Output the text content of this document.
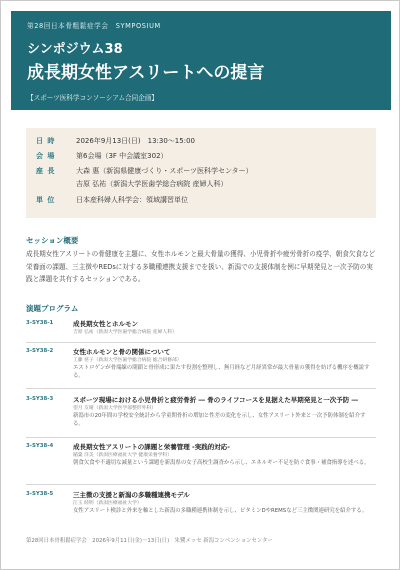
第28回日本骨粗鬆症学会　SYMPOSIUM
シンポジウム38
成長期女性アスリートへの提言
【スポーツ医科学コンソーシアム合同企画】
日 時	2026年9月13日(日)　13:30～15:00
会 場	第6会場（3F 中会議室302）
座 長	大森 惠（新潟県健康づくり・スポーツ医科学センター）
吉原 弘祐（新潟大学医歯学総合病院 産婦人科）
単 位	日本産科婦人科学会：領域講習単位
セッション概要
成長期女性アスリートの骨健康を主題に、女性ホルモンと最大骨量の獲得、小児骨折や疲労骨折の疫学、朝食欠食など栄養面の課題、三主徴やREDsに対する多職種連携支援までを扱い、新潟での支援体制を例に早期発見と一次予防の実践と課題を共有するセッションである。
演題プログラム
3-SY38-1	成長期女性とホルモン
吉原 弘祐（新潟大学医歯学総合病院 産婦人科）
3-SY38-2	女性ホルモンと骨の関係について
工藤 慈子（新潟大学医歯学総合病院 総合研修部）
エストロゲンが骨端線の閉鎖と骨形成に果たす役割を整理し、無月経など月経異常が最大骨量の獲得を妨げる機序を概説する。
3-SY38-3	スポーツ現場における小児骨折と疲労骨折 ― 骨のライフコースを見据えた早期発見と一次予防 ―
望月 友晴（新潟大学医学部整形外科）
新潟市の20年間の学校安全統計から学童期骨折の増加と性差の変化を示し、女性アスリート外来と一次予防体制を紹介する。
3-SY38-4	成長期女性アスリートの課題と栄養管理 ‐実践的対応‐
稲葉 洋美（新潟医療福祉大学 健康栄養学科）
朝食欠食や不適切な減量という課題を新潟県の女子高校生調査から示し、エネルギー不足を防ぐ食事・補食指導を述べる。
3-SY38-5	三主徴の支援と新潟の多職種連携モデル
江玉 睦明（新潟医療福祉大学）
女性アスリート検診と外来を軸とした新潟の多職種連携体制を示し、ビタミンDやREMSなど三主徴関連研究を紹介する。
第28回日本骨粗鬆症学会　2026年9月11日(金)～13日(日)　朱鷺メッセ 新潟コンベンションセンター
